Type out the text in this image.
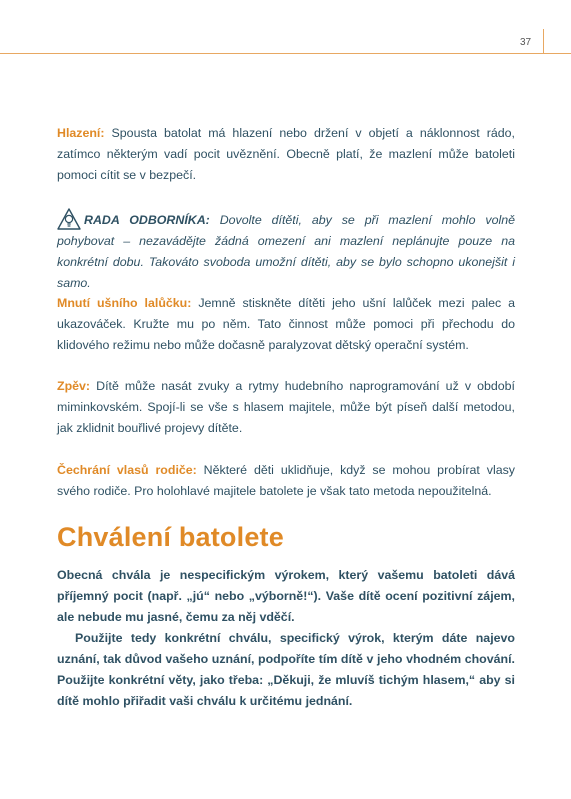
37

Hlazení: Spousta batolat má hlazení nebo držení v objetí a náklonnost rádo, zatímco některým vadí pocit uvěznění. Obecně platí, že mazlení může batoleti pomoci cítit se v bezpečí.

RADA ODBORNÍKA: Dovolte dítěti, aby se při mazlení mohlo volně pohybovat – nezavádějte žádná omezení ani mazlení neplánujte pouze na konkrétní dobu. Takováto svoboda umožní dítěti, aby se bylo schopno ukonejšit i samo.

Mnutí ušního lalůčku: Jemně stiskněte dítěti jeho ušní lalůček mezi palec a ukazováček. Kružte mu po něm. Tato činnost může pomoci při přechodu do klidového režimu nebo může dočasně paralyzovat dětský operační systém.

Zpěv: Dítě může nasát zvuky a rytmy hudebního naprogramování už v období miminkovském. Spojí-li se vše s hlasem majitele, může být píseň další metodou, jak zklidnit bouřlivé projevy dítěte.

Čechrání vlasů rodiče: Některé děti uklidňuje, když se mohou probírat vlasy svého rodiče. Pro holohlavé majitele batolete je však tato metoda nepoužitelná.

Chválení batolete

Obecná chvála je nespecifickým výrokem, který vašemu batoleti dává příjemný pocit (např. „jú“ nebo „výborně!“). Vaše dítě ocení pozitivní zájem, ale nebude mu jasné, čemu za něj vděčí.

Použijte tedy konkrétní chválu, specifický výrok, kterým dáte najevo uznání, tak důvod vašeho uznání, podpoříte tím dítě v jeho vhodném chování. Použijte konkrétní věty, jako třeba: „Děkuji, že mluvíš tichým hlasem,“ aby si dítě mohlo přiřadit vaši chválu k určitému jednání.
